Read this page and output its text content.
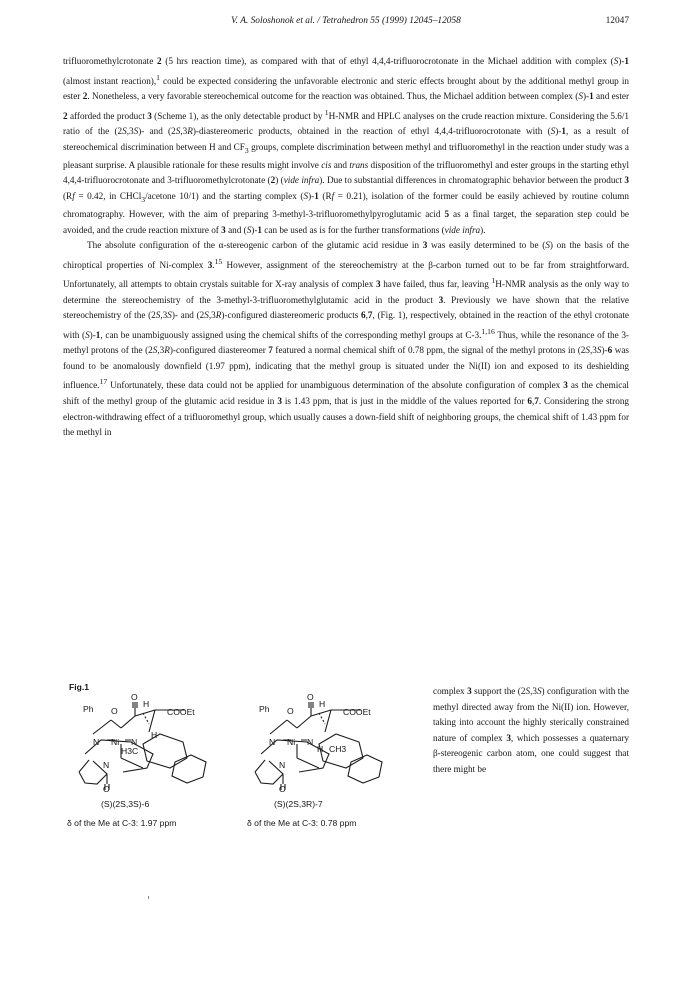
V. A. Soloshonok et al. / Tetrahedron 55 (1999) 12045–12058	12047

trifluoromethylcrotonate 2 (5 hrs reaction time), as compared with that of ethyl 4,4,4-trifluorocrotonate in the Michael addition with complex (S)-1 (almost instant reaction),$^1$ could be expected considering the unfavorable electronic and steric effects brought about by the additional methyl group in ester 2. Nonetheless, a very favorable stereochemical outcome for the reaction was obtained. Thus, the Michael addition between complex (S)-1 and ester 2 afforded the product 3 (Scheme 1), as the only detectable product by $^1$H-NMR and HPLC analyses on the crude reaction mixture. Considering the 5.6/1 ratio of the (2S,3S)- and (2S,3R)-diastereomeric products, obtained in the reaction of ethyl 4,4,4-trifluorocrotonate with (S)-1, as a result of stereochemical discrimination between H and $CF_3$ groups, complete discrimination between methyl and trifluoromethyl in the reaction under study was a pleasant surprise. A plausible rationale for these results might involve cis and trans disposition of the trifluoromethyl and ester groups in the starting ethyl 4,4,4-trifluorocrotonate and 3-trifluoromethylcrotonate (2) (vide infra). Due to substantial differences in chromatographic behavior between the product 3 (Rf = 0.42, in CHCl$_3$/acetone 10/1) and the starting complex (S)-1 (Rf = 0.21), isolation of the former could be easily achieved by routine column chromatography. However, with the aim of preparing 3-methyl-3-trifluoromethylpyroglutamic acid 5 as a final target, the separation step could be avoided, and the crude reaction mixture of 3 and (S)-1 can be used as is for the further transformations (vide infra).

The absolute configuration of the α-stereogenic carbon of the glutamic acid residue in 3 was easily determined to be (S) on the basis of the chiroptical properties of Ni-complex 3.15 However, assignment of the stereochemistry at the β-carbon turned out to be far from straightforward. Unfortunately, all attempts to obtain crystals suitable for X-ray analysis of complex 3 have failed, thus far, leaving $^1$H-NMR analysis as the only way to determine the stereochemistry of the 3-methyl-3-trifluoromethylglutamic acid in the product 3. Previously we have shown that the relative stereochemistry of the (2S,3S)- and (2S,3R)-configured diastereomeric products 6,7, (Fig. 1), respectively, obtained in the reaction of the ethyl crotonate with (S)-1, can be unambiguously assigned using the chemical shifts of the corresponding methyl groups at C-3.$^{1,16}$ Thus, while the resonance of the 3-methyl protons of the (2S,3R)-configured diastereomer 7 featured a normal chemical shift of 0.78 ppm, the signal of the methyl protons in (2S,3S)-6 was found to be anomalously downfield (1.97 ppm), indicating that the methyl group is situated under the Ni(II) ion and exposed to its deshielding influence.$^{17}$ Unfortunately, these data could not be applied for unambiguous determination of the absolute configuration of complex 3 as the chemical shift of the methyl group of the glutamic acid residue in 3 is 1.43 ppm, that is just in the middle of the values reported for 6,7. Considering the strong electron-withdrawing effect of a trifluoromethyl group, which usually causes a down-field shift of neighboring groups, the chemical shift of 1.43 ppm for the methyl in

complex 3 support the (2S,3S) configuration with the methyl directed away from the Ni(II) ion. However, taking into account the highly sterically constrained nature of complex 3, which possesses a quaternary β-stereogenic carbon atom, one could suggest that there might be
Fig.1
Ph O
O
H
COOEt
N Ni N
H3C
H
N
O
Ph O
O
H
COOEt
N Ni N
H CH3
N
O
(S)(2S,3S)-6	(S)(2S,3R)-7
δ of the Me at C-3: 1.97 ppm	δ of the Me at C-3: 0.78 ppm
